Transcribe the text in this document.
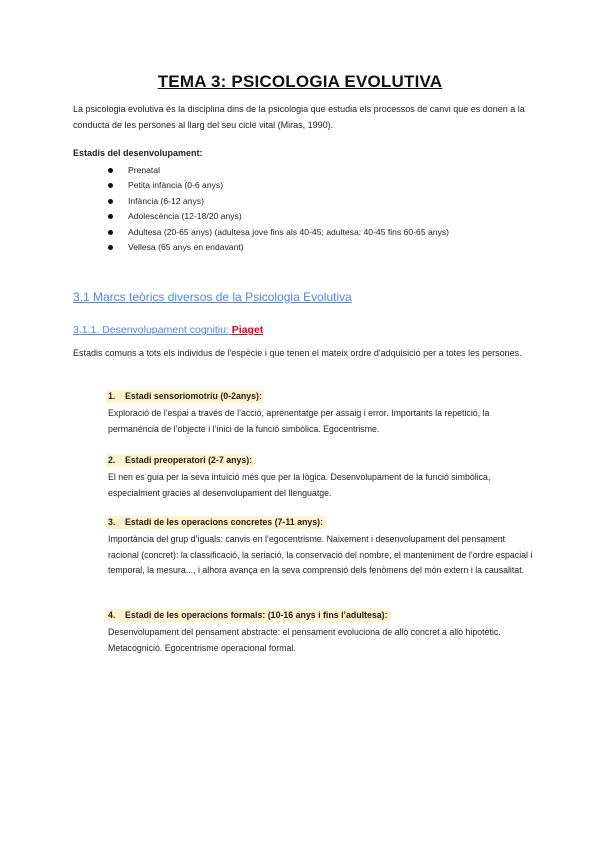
TEMA 3: PSICOLOGIA EVOLUTIVA
La psicologia evolutiva és la disciplina dins de la psicologia que estudia els processos de canvi que es donen a la conducta de les persones al llarg del seu cicle vital (Miras, 1990).
Estadis del desenvolupament:
Prenatal
Petita infància (0-6 anys)
Infància (6-12 anys)
Adolescència (12-18/20 anys)
Adultesa (20-65 anys) (adultesa jove fins als 40-45; adultesa: 40-45 fins 60-65 anys)
Vellesa (65 anys en endavant)
3.1 Marcs teòrics diversos de la Psicologia Evolutiva
3.1.1. Desenvolupament cognitiu: Piaget
Estadis comuns a tots els individus de l'espècie i que tenen el mateix ordre d'adquisició per a totes les persones.
1. Estadi sensoriomotriu (0-2anys):
Exploració de l’espai a través de l’acció, aprenentatge per assaig i error. Importants la repetició, la permanència de l’objecte i l’inici de la funció simbòlica. Egocentrisme.
2. Estadi preoperatori (2-7 anys):
El nen es guia per la seva intuïció més que per la lògica. Desenvolupament de la funció simbòlica, especialment gràcies al desenvolupament del llenguatge.
3. Estadi de les operacions concretes (7-11 anys):
Importància del grup d’iguals: canvis en l’egocentrisme. Naixement i desenvolupament del pensament racional (concret): la classificació, la seriació, la conservació del nombre, el manteniment de l’ordre espacial i temporal, la mesura..., i alhora avança en la seva comprensió dels fenòmens del món extern i la causalitat.
4. Estadi de les operacions formals: (10-16 anys i fins l’adultesa):
Desenvolupament del pensament abstracte: el pensament evoluciona de allò concret a allò hipotètic. Metacognició. Egocentrisme operacional formal.
